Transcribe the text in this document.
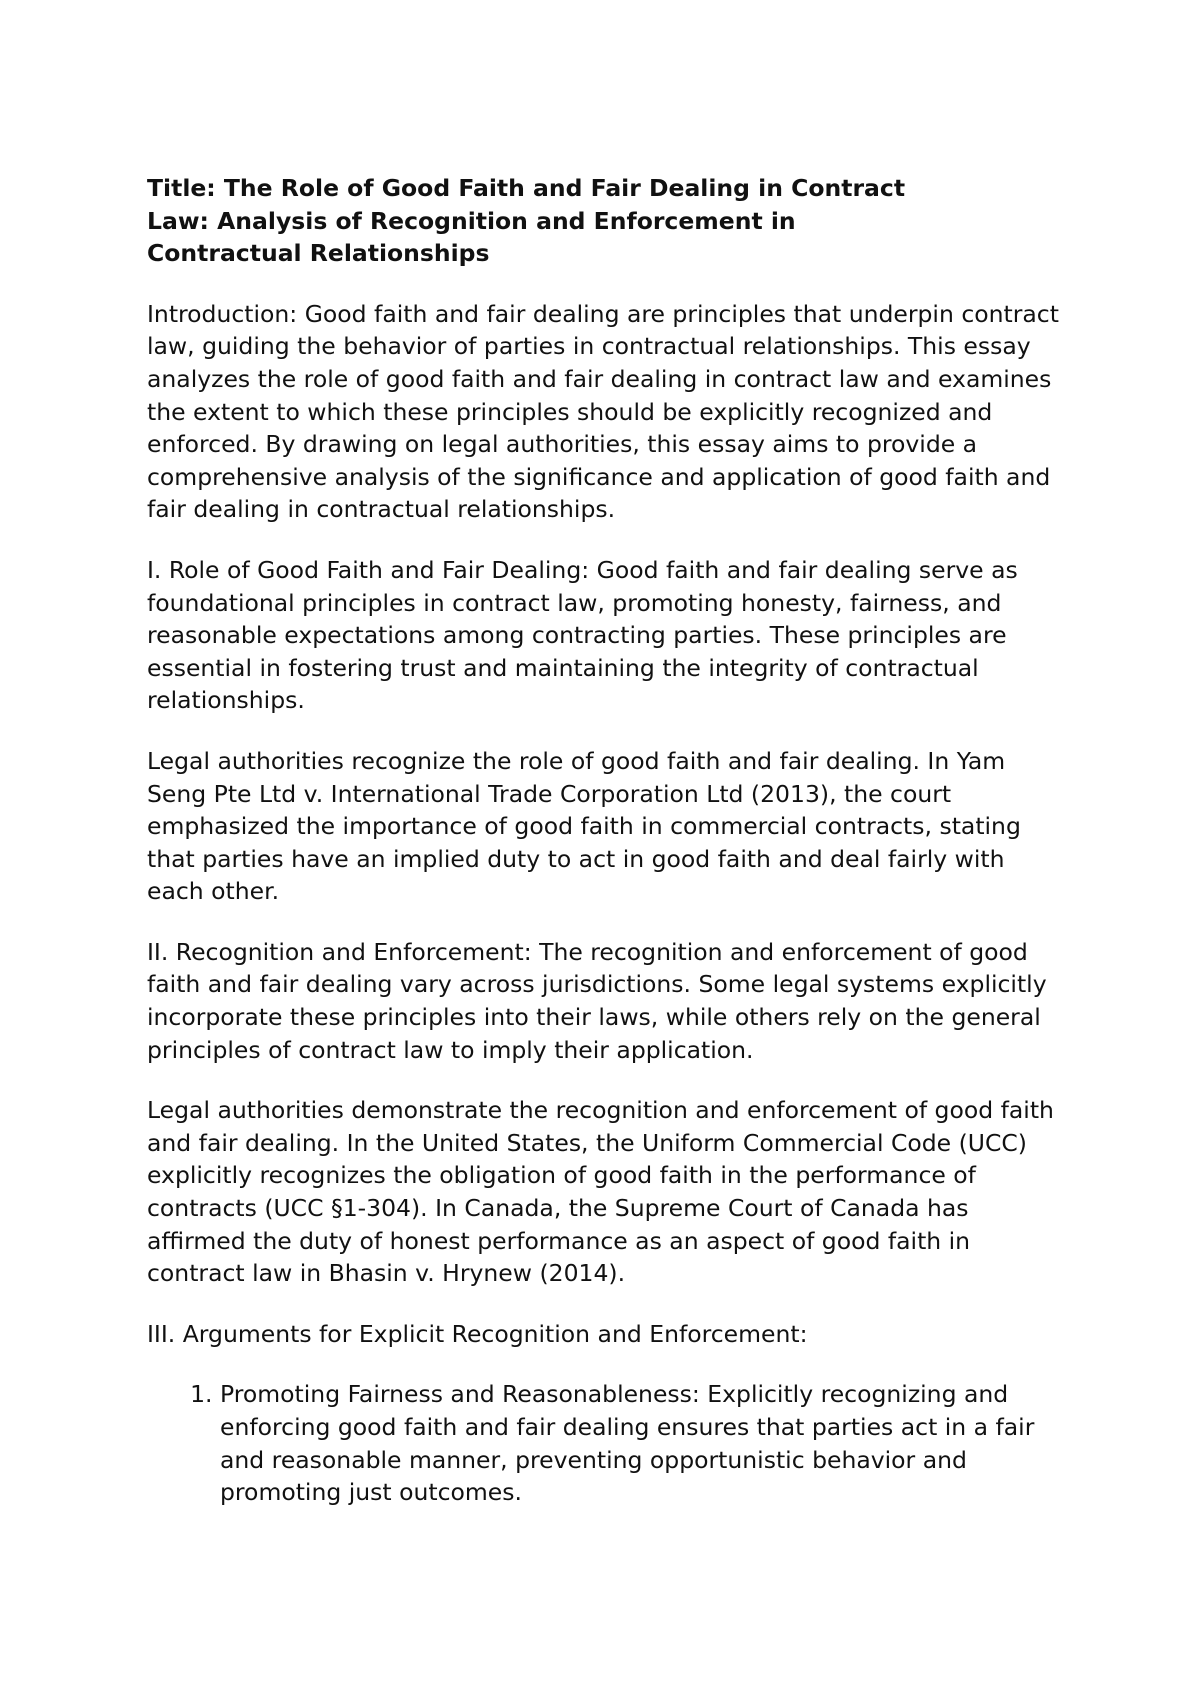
Title: The Role of Good Faith and Fair Dealing in Contract Law: Analysis of Recognition and Enforcement in Contractual Relationships

Introduction: Good faith and fair dealing are principles that underpin contract law, guiding the behavior of parties in contractual relationships. This essay analyzes the role of good faith and fair dealing in contract law and examines the extent to which these principles should be explicitly recognized and enforced. By drawing on legal authorities, this essay aims to provide a comprehensive analysis of the significance and application of good faith and fair dealing in contractual relationships.

I. Role of Good Faith and Fair Dealing: Good faith and fair dealing serve as foundational principles in contract law, promoting honesty, fairness, and reasonable expectations among contracting parties. These principles are essential in fostering trust and maintaining the integrity of contractual relationships.

Legal authorities recognize the role of good faith and fair dealing. In Yam Seng Pte Ltd v. International Trade Corporation Ltd (2013), the court emphasized the importance of good faith in commercial contracts, stating that parties have an implied duty to act in good faith and deal fairly with each other.

II. Recognition and Enforcement: The recognition and enforcement of good faith and fair dealing vary across jurisdictions. Some legal systems explicitly incorporate these principles into their laws, while others rely on the general principles of contract law to imply their application.

Legal authorities demonstrate the recognition and enforcement of good faith and fair dealing. In the United States, the Uniform Commercial Code (UCC) explicitly recognizes the obligation of good faith in the performance of contracts (UCC §1-304). In Canada, the Supreme Court of Canada has affirmed the duty of honest performance as an aspect of good faith in contract law in Bhasin v. Hrynew (2014).

III. Arguments for Explicit Recognition and Enforcement:

1. Promoting Fairness and Reasonableness: Explicitly recognizing and enforcing good faith and fair dealing ensures that parties act in a fair and reasonable manner, preventing opportunistic behavior and promoting just outcomes.
